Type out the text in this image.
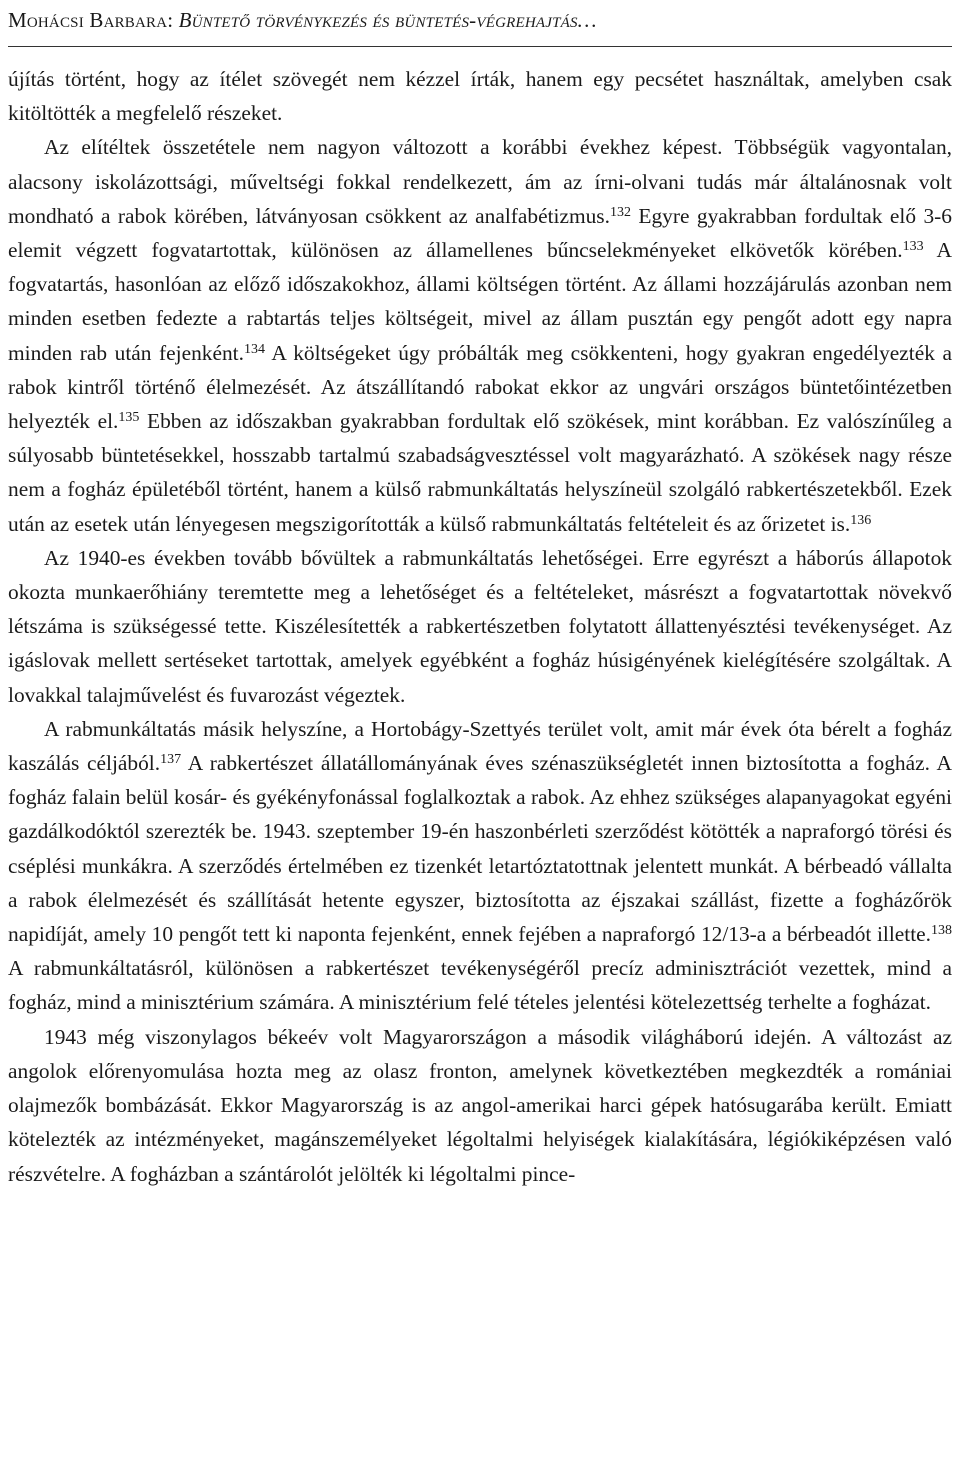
Mohácsi Barbara: Büntető törvénykezés és büntetés-végrehajtás…

újítás történt, hogy az ítélet szövegét nem kézzel írták, hanem egy pecsétet használtak, amelyben csak kitöltötték a megfelelő részeket.

Az elítéltek összetétele nem nagyon változott a korábbi évekhez képest. Többségük vagyontalan, alacsony iskolázottsági, műveltségi fokkal rendelkezett, ám az írni-olvani tudás már általánosnak volt mondható a rabok körében, látványosan csökkent az analfabétizmus.$^{132}$ Egyre gyakrabban fordultak elő 3-6 elemit végzett fogvatartottak, különösen az államellenes bűncselekményeket elkövetők körében.$^{133}$ A fogvatartás, hasonlóan az előző időszakokhoz, állami költségen történt. Az állami hozzájárulás azonban nem minden esetben fedezte a rabtartás teljes költségeit, mivel az állam pusztán egy pengőt adott egy napra minden rab után fejenként.$^{134}$ A költségeket úgy próbálták meg csökkenteni, hogy gyakran engedélyezték a rabok kintről történő élelmezését. Az átszállítandó rabokat ekkor az ungvári országos büntetőintézetben helyezték el.$^{135}$ Ebben az időszakban gyakrabban fordultak elő szökések, mint korábban. Ez valószínűleg a súlyosabb büntetésekkel, hosszabb tartalmú szabadságvesztéssel volt magyarázható. A szökések nagy része nem a fogház épületéből történt, hanem a külső rabmunkáltatás helyszíneül szolgáló rabkertészetekből. Ezek után az esetek után lényegesen megszigorították a külső rabmunkáltatás feltételeit és az őrizetet is.$^{136}$

Az 1940-es években tovább bővültek a rabmunkáltatás lehetőségei. Erre egyrészt a háborús állapotok okozta munkaerőhiány teremtette meg a lehetőséget és a feltételeket, másrészt a fogvatartottak növekvő létszáma is szükségessé tette. Kiszélesítették a rabkertészetben folytatott állattenyésztési tevékenységet. Az igáslovak mellett sertéseket tartottak, amelyek egyébként a fogház húsigényének kielégítésére szolgáltak. A lovakkal talajművelést és fuvarozást végeztek.

A rabmunkáltatás másik helyszíne, a Hortobágy-Szettyés terület volt, amit már évek óta bérelt a fogház kaszálás céljából.$^{137}$ A rabkertészet állatállományának éves szénaszükségletét innen biztosította a fogház. A fogház falain belül kosár- és gyékényfonással foglalkoztak a rabok. Az ehhez szükséges alapanyagokat egyéni gazdálkodóktól szerezték be. 1943. szeptember 19-én haszonbérleti szerződést kötötték a napraforgó törési és cséplési munkákra. A szerződés értelmében ez tizenkét letartóztatottnak jelentett munkát. A bérbeadó vállalta a rabok élelmezését és szállítását hetente egyszer, biztosította az éjszakai szállást, fizette a fogházőrök napidíját, amely 10 pengőt tett ki naponta fejenként, ennek fejében a napraforgó 12/13-a a bérbeadót illette.$^{138}$ A rabmunkáltatásról, különösen a rabkertészet tevékenységéről precíz adminisztrációt vezettek, mind a fogház, mind a minisztérium számára. A minisztérium felé tételes jelentési kötelezettség terhelte a fogházat.

1943 még viszonylagos békeév volt Magyarországon a második világháború idején. A változást az angolok előrenyomulása hozta meg az olasz fronton, amelynek következtében megkezdték a romániai olajmezők bombázását. Ekkor Magyarország is az angol-amerikai harci gépek hatósugarába került. Emiatt kötelezték az intézményeket, magánszemélyeket légoltalmi helyiségek kialakítására, légiókiképzésen való részvételre. A fogházban a szántárolót jelölték ki légoltalmi pince-
